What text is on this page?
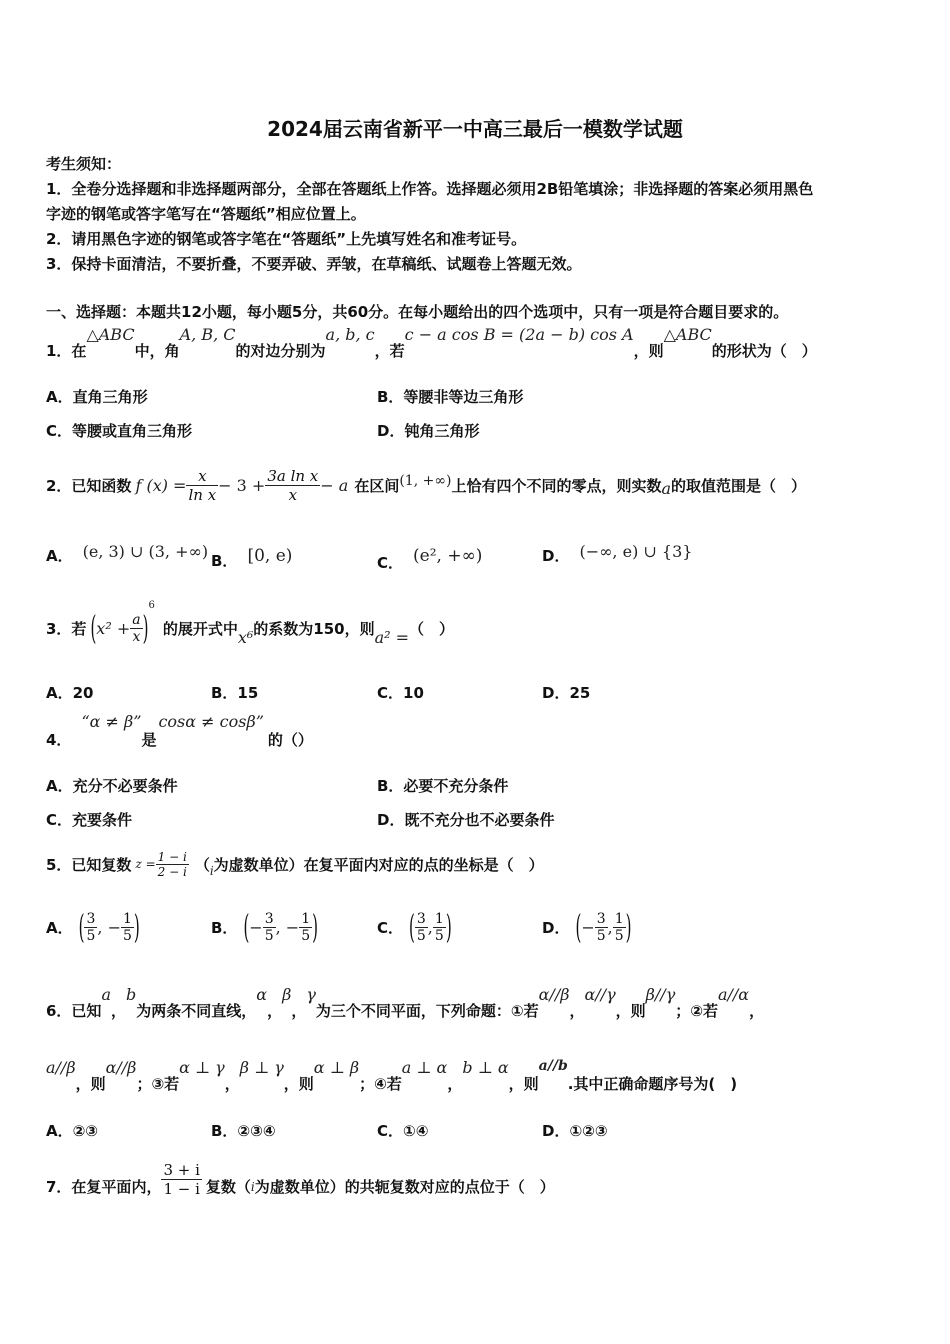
2024届云南省新平一中高三最后一模数学试题
考生须知：
1．全卷分选择题和非选择题两部分，全部在答题纸上作答。选择题必须用2B铅笔填涂；非选择题的答案必须用黑色
字迹的钢笔或答字笔写在“答题纸”相应位置上。
2．请用黑色字迹的钢笔或答字笔在“答题纸”上先填写姓名和准考证号。
3．保持卡面清洁，不要折叠，不要弄破、弄皱，在草稿纸、试题卷上答题无效。
一、选择题：本题共12小题，每小题5分，共60分。在每小题给出的四个选项中，只有一项是符合题目要求的。
1．在
△ABC
中，角
A, B, C
的对边分别为
a, b, c
，若
c − a cos B = (2a − b) cos A
，则
△ABC
的形状为（　）
A．直角三角形	B．等腰非等边三角形
C．等腰或直角三角形	D．钝角三角形
2．已知函数 f $(x) = \frac{x}{\text{ln x}} - 3 + \frac{\text{3a ln x}}{x} - a$ 在区间 (1, +∞) 上恰有四个不同的零点，则实数 a 的取值范围是（　）
A． (e, 3) ∪ (3, +∞) B． [0, e)	C． (e², +∞)	D． (−∞, e) ∪ {3}
3．若 ( $x^2 + \frac{a}{x}$ )
6
的展开式中 x⁶ 的系数为150，则 a² = （　）
A．20	B．15	C．10	D．25
4．
“α ≠ β”
是
cosα ≠ cosβ”
的（）
A．充分不必要条件	B．必要不充分条件
C．充要条件	D．既不充分也不必要条件
5．已知复数 $z = \frac{1 - i}{2 - i}$ （ i 为虚数单位）在复平面内对应的点的坐标是（　）
A． ( $\frac{3}{5}$ , − $\frac{1}{5}$ )	B． ( − $\frac{3}{5}$ , − $\frac{1}{5}$ )	C． ( $\frac{3}{5}$ , $\frac{1}{5}$ )	D． ( − $\frac{3}{5}$ , $\frac{1}{5}$ )
6．已知
a
，
b
为两条不同直线，
α
，
β
，
γ
为三个不同平面，下列命题：①若
α//β
，
α//γ
，则
β//γ
；②若
a//α
，
a//β
，则
α//β
；③若
α ⊥ γ
，
β ⊥ γ
，则
α ⊥ β
；④若
a ⊥ α
，
b ⊥ α
，则
a//b
.其中正确命题序号为(　)
A．②③	B．②③④	C．①④	D．①②③
7．在复平面内， $\frac{3 + i}{1 - i}$ 复数（ i 为虚数单位）的共轭复数对应的点位于（　）
